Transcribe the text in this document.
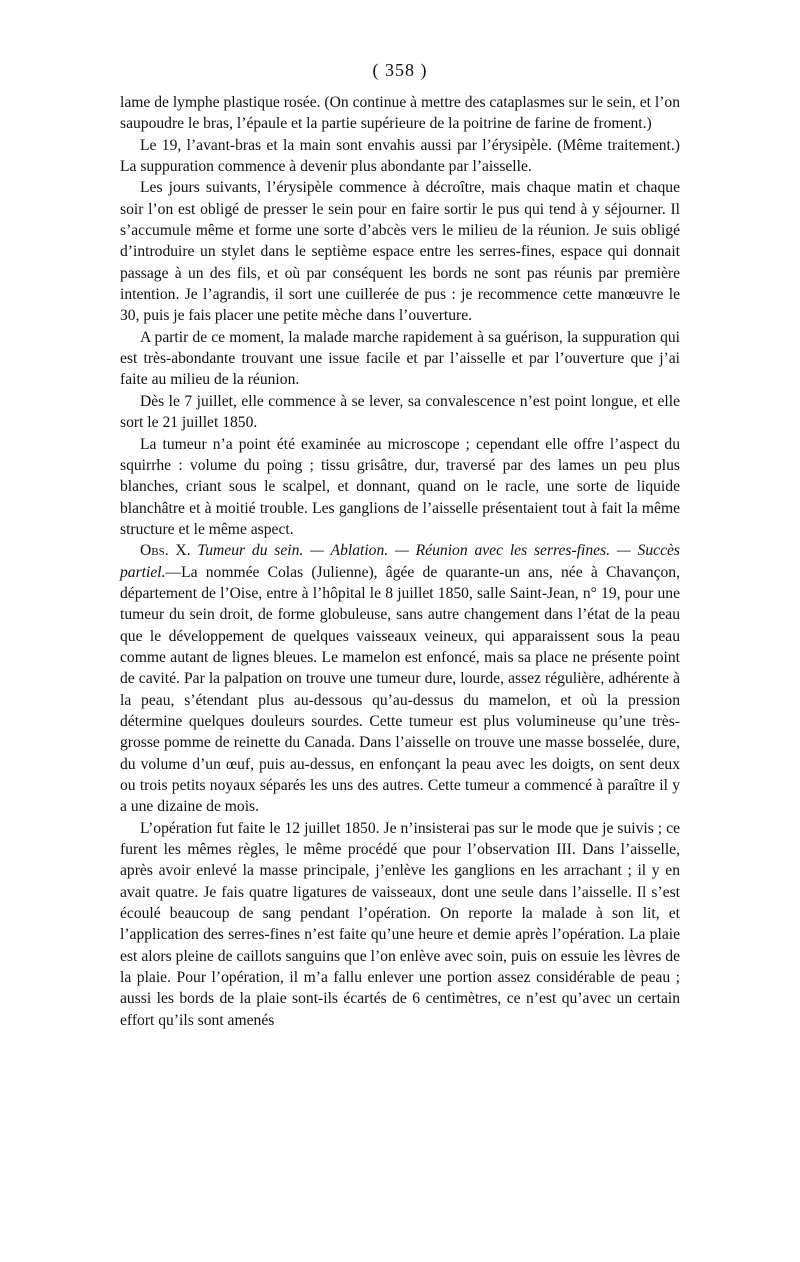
( 358 )

lame de lymphe plastique rosée. (On continue à mettre des cataplasmes sur le sein, et l’on saupoudre le bras, l’épaule et la partie supérieure de la poitrine de farine de froment.)

Le 19, l’avant-bras et la main sont envahis aussi par l’érysipèle. (Même traitement.) La suppuration commence à devenir plus abondante par l’aisselle.

Les jours suivants, l’érysipèle commence à décroître, mais chaque matin et chaque soir l’on est obligé de presser le sein pour en faire sortir le pus qui tend à y séjourner. Il s’accumule même et forme une sorte d’abcès vers le milieu de la réunion. Je suis obligé d’introduire un stylet dans le septième espace entre les serres-fines, espace qui donnait passage à un des fils, et où par conséquent les bords ne sont pas réunis par première intention. Je l’agrandis, il sort une cuillerée de pus : je recommence cette manœuvre le 30, puis je fais placer une petite mèche dans l’ouverture.

A partir de ce moment, la malade marche rapidement à sa guérison, la suppuration qui est très-abondante trouvant une issue facile et par l’aisselle et par l’ouverture que j’ai faite au milieu de la réunion.

Dès le 7 juillet, elle commence à se lever, sa convalescence n’est point longue, et elle sort le 21 juillet 1850.

La tumeur n’a point été examinée au microscope ; cependant elle offre l’aspect du squirrhe : volume du poing ; tissu grisâtre, dur, traversé par des lames un peu plus blanches, criant sous le scalpel, et donnant, quand on le racle, une sorte de liquide blanchâtre et à moitié trouble. Les ganglions de l’aisselle présentaient tout à fait la même structure et le même aspect.

Obs. X. Tumeur du sein. — Ablation. — Réunion avec les serres-fines. — Succès partiel.—La nommée Colas (Julienne), âgée de quarante-un ans, née à Chavançon, département de l’Oise, entre à l’hôpital le 8 juillet 1850, salle Saint-Jean, n° 19, pour une tumeur du sein droit, de forme globuleuse, sans autre changement dans l’état de la peau que le développement de quelques vaisseaux veineux, qui apparaissent sous la peau comme autant de lignes bleues. Le mamelon est enfoncé, mais sa place ne présente point de cavité. Par la palpation on trouve une tumeur dure, lourde, assez régulière, adhérente à la peau, s’étendant plus au-dessous qu’au-dessus du mamelon, et où la pression détermine quelques douleurs sourdes. Cette tumeur est plus volumineuse qu’une très-grosse pomme de reinette du Canada. Dans l’aisselle on trouve une masse bosselée, dure, du volume d’un œuf, puis au-dessus, en enfonçant la peau avec les doigts, on sent deux ou trois petits noyaux séparés les uns des autres. Cette tumeur a commencé à paraître il y a une dizaine de mois.

L’opération fut faite le 12 juillet 1850. Je n’insisterai pas sur le mode que je suivis ; ce furent les mêmes règles, le même procédé que pour l’observation III. Dans l’aisselle, après avoir enlevé la masse principale, j’enlève les ganglions en les arrachant ; il y en avait quatre. Je fais quatre ligatures de vaisseaux, dont une seule dans l’aisselle. Il s’est écoulé beaucoup de sang pendant l’opération. On reporte la malade à son lit, et l’application des serres-fines n’est faite qu’une heure et demie après l’opération. La plaie est alors pleine de caillots sanguins que l’on enlève avec soin, puis on essuie les lèvres de la plaie. Pour l’opération, il m’a fallu enlever une portion assez considérable de peau ; aussi les bords de la plaie sont-ils écartés de 6 centimètres, ce n’est qu’avec un certain effort qu’ils sont amenés
